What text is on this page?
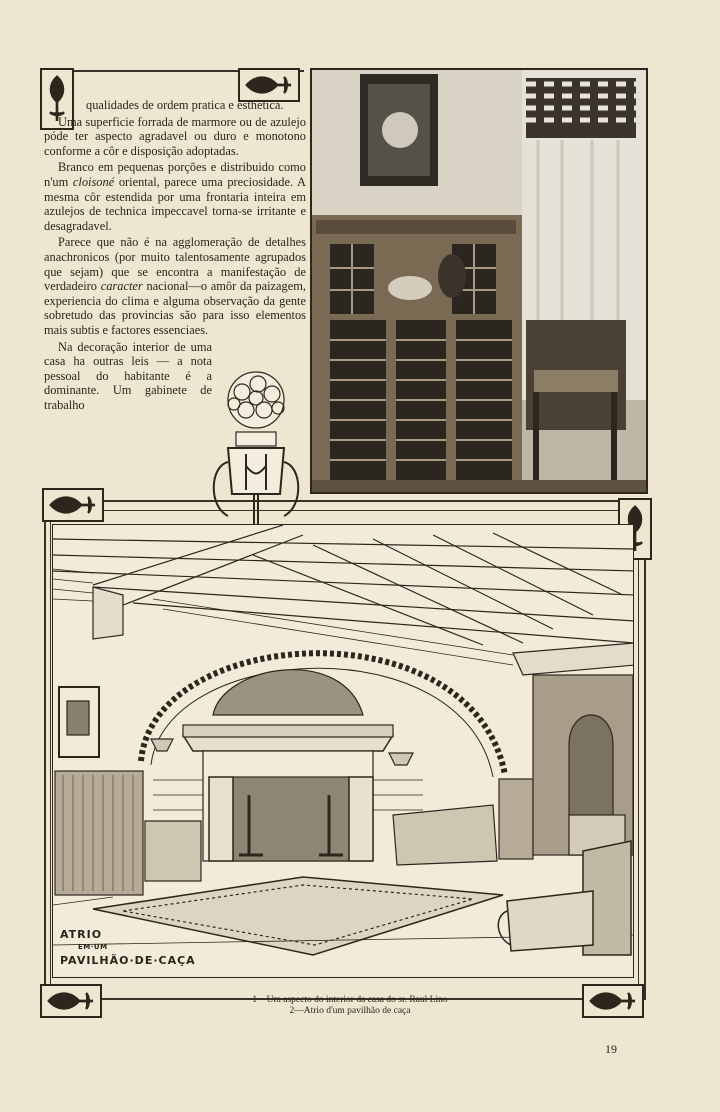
qualidades de ordem pratica e esthetica.

Uma superficie forrada de marmore ou de azulejo póde ter aspecto agradavel ou duro e monotono conforme a côr e disposição adoptadas.

Branco em pequenas porções e distribuido como n'um cloisoné oriental, parece uma preciosidade. A mesma côr estendida por uma frontaria inteira em azulejos de technica impeccavel torna-se irritante e desagradavel.

Parece que não é na agglomeração de detalhes anachronicos (por muito talentosamente agrupados que sejam) que se encontra a manifestação de verdadeiro caracter nacional—o amôr da paizagem, experiencia do clima e alguma observação da gente sobretudo das provincias são para isso elementos mais subtis e factores essenciaes.

Na decoração interior de uma casa ha outras leis — a nota pessoal do habitante é a dominante. Um gabinete de trabalho

ATRIO
EM·UM
PAVILHÃO·DE·CAÇA
1—Um aspecto do interior da casa do sr. Raul Lino
2—Atrio d'um pavilhão de caça
19
